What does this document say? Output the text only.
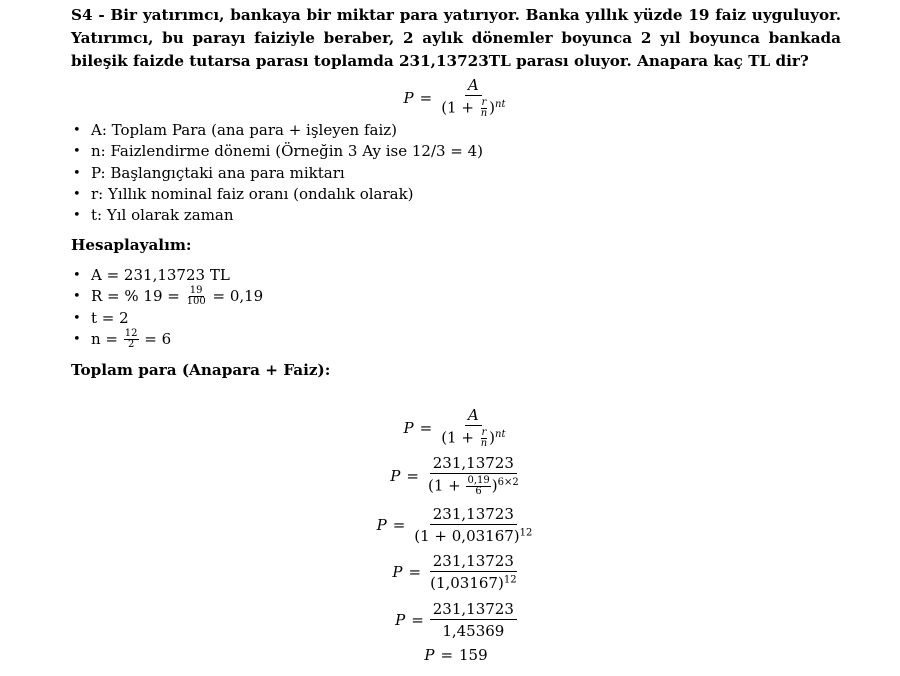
S4 - Bir yatırımcı, bankaya bir miktar para yatırıyor. Banka yıllık yüzde 19 faiz uyguluyor. Yatırımcı, bu parayı faiziyle beraber, 2 aylık dönemler boyunca 2 yıl boyunca bankada bileşik faizde tutarsa parası toplamda 231,13723TL parası oluyor. Anapara kaç TL dir?
$P = \frac{A}{(1 + \frac{r}{n} )^{nt}}$
• A: Toplam Para (ana para + işleyen faiz)
• n: Faizlendirme dönemi (Örneğin 3 Ay ise 12/3 = 4)
• P: Başlangıçtaki ana para miktarı
• r: Yıllık nominal faiz oranı (ondalık olarak)
• t: Yıl olarak zaman
Hesaplayalım:
• A = 231,13723 TL
• R = % $19 = \frac{19}{100} = 0,19$
• t = 2
• $n = \frac{12}{2} = 6$
Toplam para (Anapara + Faiz):
$P = \frac{A}{(1 + \frac{r}{n} )^{nt}}$
$P = \frac{231,13723}{(1 + \frac{0,19}{6} )^{6\times 2}}$
$P = \frac{231,13723}{(1 + 0,03167)^{12}}$
$P = \frac{231,13723}{(1,03167)^{12}}$
$P = \frac{231,13723}{1,45369}$
P = 159
